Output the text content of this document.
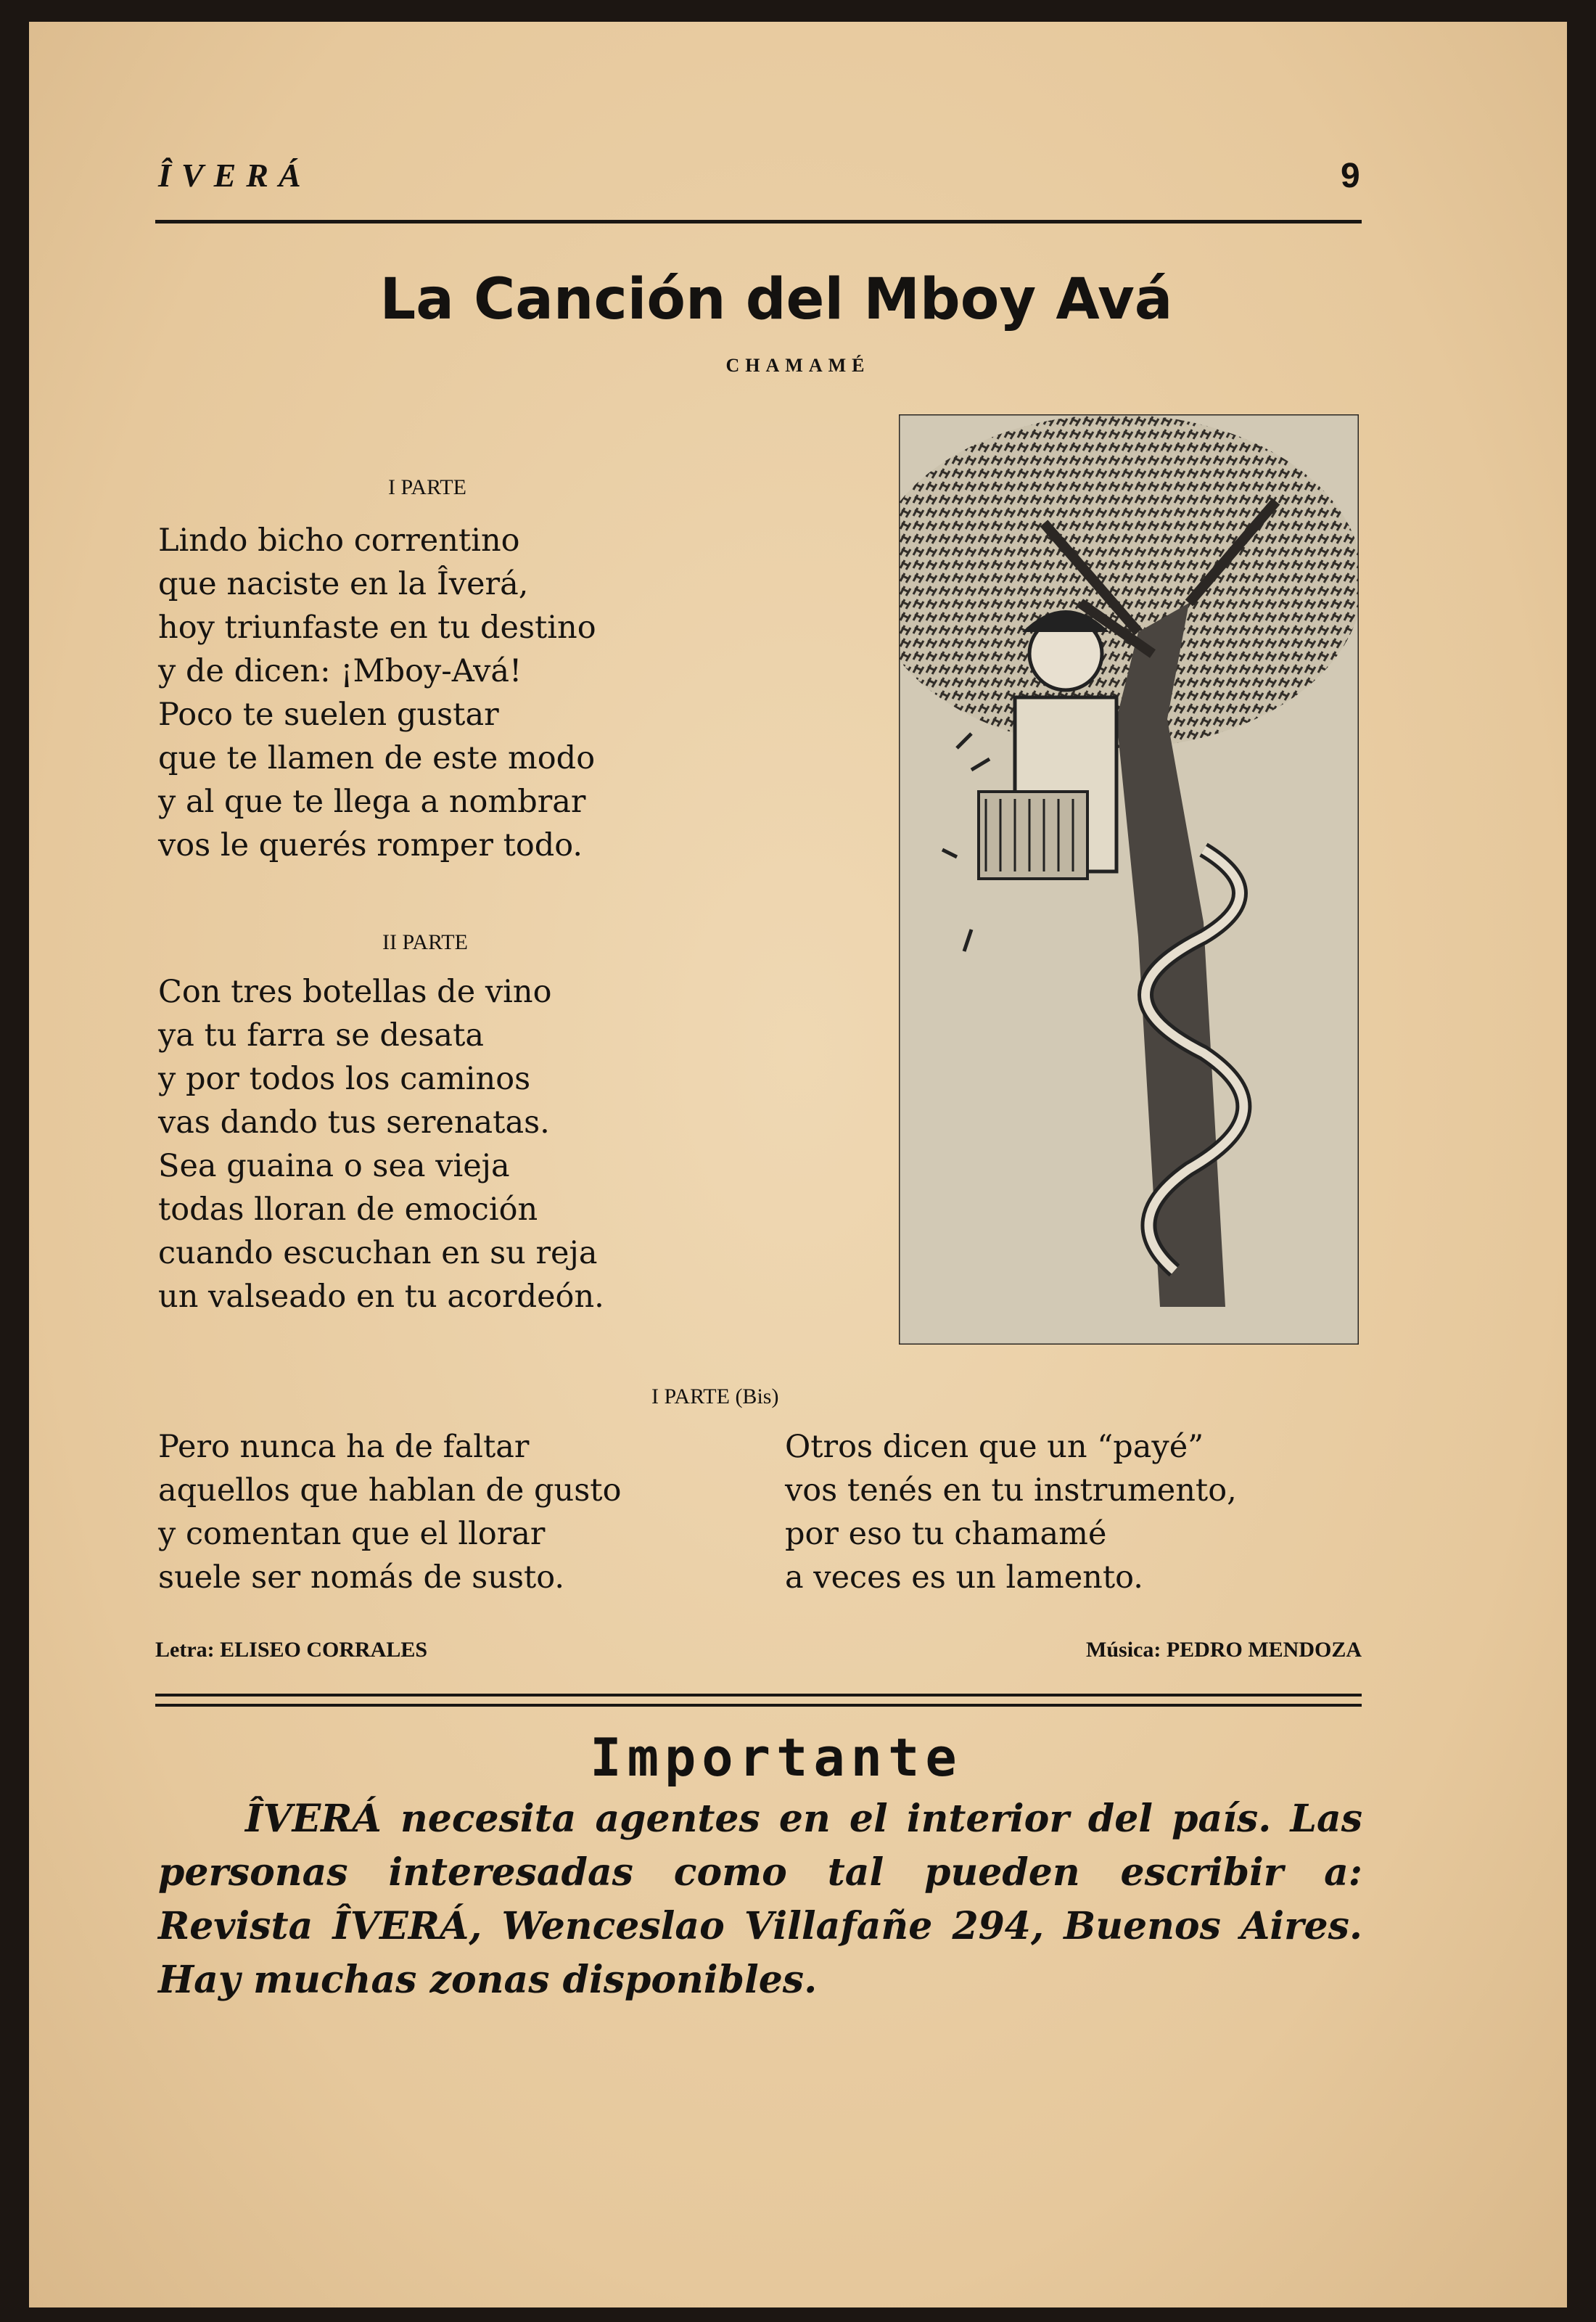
ÎVERÁ	9
La Canción del Mboy Avá
CHAMAMÉ
I PARTE
Lindo bicho correntino
que naciste en la Îverá,
hoy triunfaste en tu destino
y de dicen: ¡Mboy-Avá!
Poco te suelen gustar
que te llamen de este modo
y al que te llega a nombrar
vos le querés romper todo.
II PARTE
Con tres botellas de vino
ya tu farra se desata
y por todos los caminos
vas dando tus serenatas.
Sea guaina o sea vieja
todas lloran de emoción
cuando escuchan en su reja
un valseado en tu acordeón.
I PARTE (Bis)
Pero nunca ha de faltar
aquellos que hablan de gusto
y comentan que el llorar
suele ser nomás de susto.
Otros dicen que un “payé”
vos tenés en tu instrumento,
por eso tu chamamé
a veces es un lamento.
Letra: ELISEO CORRALES	Música: PEDRO MENDOZA
Importante
ÎVERÁ necesita agentes en el interior del país. Las personas interesadas como tal pueden escribir a: Revista ÎVERÁ, Wenceslao Villafañe 294, Buenos Aires. Hay muchas zonas disponibles.
